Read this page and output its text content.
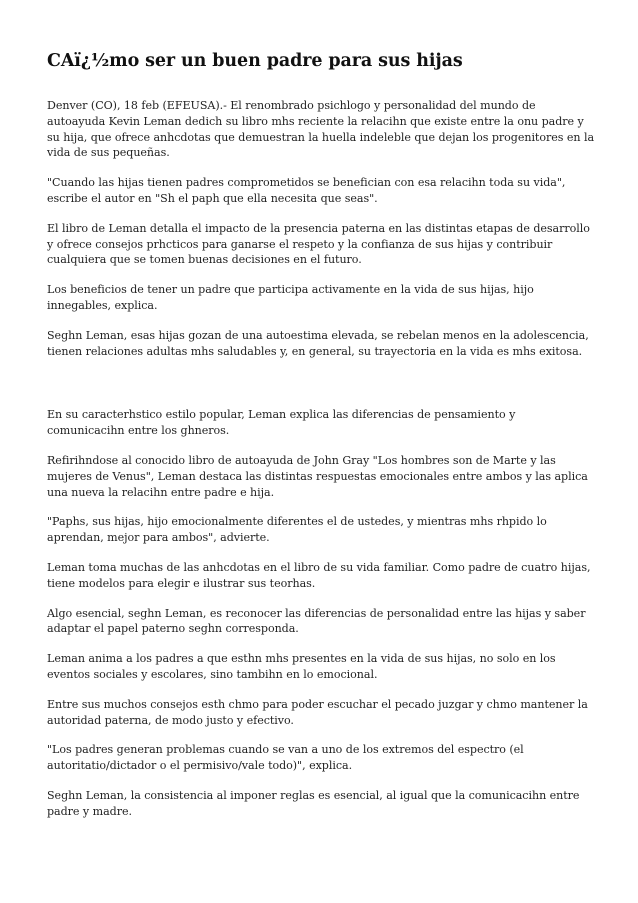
CAï¿½mo ser un buen padre para sus hijas

Denver (CO), 18 feb (EFEUSA).- El renombrado psichlogo y personalidad del mundo de autoayuda Kevin Leman dedich su libro mhs reciente la relacihn que existe entre la onu padre y su hija, que ofrece anhcdotas que demuestran la huella indeleble que dejan los progenitores en la vida de sus pequeñas.

"Cuando las hijas tienen padres comprometidos se benefician con esa relacihn toda su vida", escribe el autor en "Sh el paph que ella necesita que seas".

El libro de Leman detalla el impacto de la presencia paterna en las distintas etapas de desarrollo y ofrece consejos prhcticos para ganarse el respeto y la confianza de sus hijas y contribuir cualquiera que se tomen buenas decisiones en el futuro.

Los beneficios de tener un padre que participa activamente en la vida de sus hijas, hijo innegables, explica.

Seghn Leman, esas hijas gozan de una autoestima elevada, se rebelan menos en la adolescencia, tienen relaciones adultas mhs saludables y, en general, su trayectoria en la vida es mhs exitosa.

En su caracterhstico estilo popular, Leman explica las diferencias de pensamiento y comunicacihn entre los ghneros.

Refirihndose al conocido libro de autoayuda de John Gray "Los hombres son de Marte y las mujeres de Venus", Leman destaca las distintas respuestas emocionales entre ambos y las aplica una nueva la relacihn entre padre e hija.

"Paphs, sus hijas, hijo emocionalmente diferentes el de ustedes, y mientras mhs rhpido lo aprendan, mejor para ambos", advierte.

Leman toma muchas de las anhcdotas en el libro de su vida familiar. Como padre de cuatro hijas, tiene modelos para elegir e ilustrar sus teorhas.

Algo esencial, seghn Leman, es reconocer las diferencias de personalidad entre las hijas y saber adaptar el papel paterno seghn corresponda.

Leman anima a los padres a que esthn mhs presentes en la vida de sus hijas, no solo en los eventos sociales y escolares, sino tambihn en lo emocional.

Entre sus muchos consejos esth chmo para poder escuchar el pecado juzgar y chmo mantener la autoridad paterna, de modo justo y efectivo.

"Los padres generan problemas cuando se van a uno de los extremos del espectro (el autoritatio/dictador o el permisivo/vale todo)", explica.

Seghn Leman, la consistencia al imponer reglas es esencial, al igual que la comunicacihn entre padre y madre.
